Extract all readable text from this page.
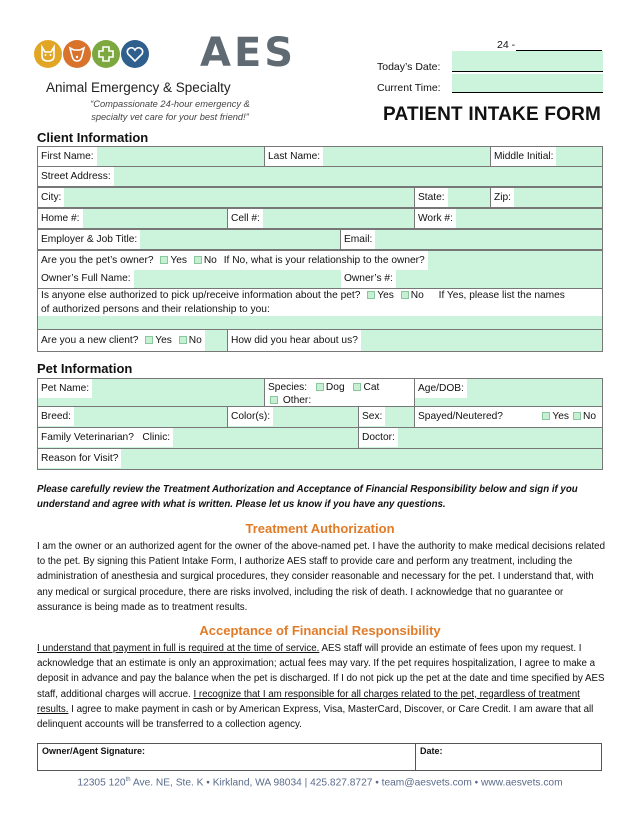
AES
Animal Emergency & Specialty
“Compassionate 24-hour emergency &
specialty vet care for your best friend!”
24 -
Today’s Date:
Current Time:
PATIENT INTAKE FORM
Client Information
First Name:	Last Name:	Middle Initial:
Street Address:
City:	State:	Zip:
Home #:	Cell #:	Work #:
Employer & Job Title:	Email:
Are you the pet’s owner? Yes No If No, what is your relationship to the owner?
Owner’s Full Name:	Owner’s #:
Is anyone else authorized to pick up/receive information about the pet? Yes No If Yes, please list the names
of authorized persons and their relationship to you:
Are you a new client? Yes No	How did you hear about us?
Pet Information
Pet Name:	Species: Dog Cat
Other:
Age/DOB:
Breed:	Color(s):	Sex:	Spayed/Neutered?	Yes No
Family Veterinarian? Clinic:	Doctor:
Reason for Visit?
Please carefully review the Treatment Authorization and Acceptance of Financial Responsibility below and sign if you understand and agree with what is written. Please let us know if you have any questions.
Treatment Authorization
I am the owner or an authorized agent for the owner of the above-named pet. I have the authority to make medical decisions related to the pet. By signing this Patient Intake Form, I authorize AES staff to provide care and perform any treatment, including the administration of anesthesia and surgical procedures, they consider reasonable and necessary for the pet. I understand that, with any medical or surgical procedure, there are risks involved, including the risk of death. I acknowledge that no guarantee or assurance is being made as to treatment results.
Acceptance of Financial Responsibility
I understand that payment in full is required at the time of service. AES staff will provide an estimate of fees upon my request. I acknowledge that an estimate is only an approximation; actual fees may vary. If the pet requires hospitalization, I agree to make a deposit in advance and pay the balance when the pet is discharged. If I do not pick up the pet at the date and time specified by AES staff, additional charges will accrue. I recognize that I am responsible for all charges related to the pet, regardless of treatment results. I agree to make payment in cash or by American Express, Visa, MasterCard, Discover, or Care Credit. I am aware that all delinquent accounts will be transferred to a collection agency.
Owner/Agent Signature:	Date:
12305 120th Ave. NE, Ste. K • Kirkland, WA 98034 | 425.827.8727 • team@aesvets.com • www.aesvets.com
